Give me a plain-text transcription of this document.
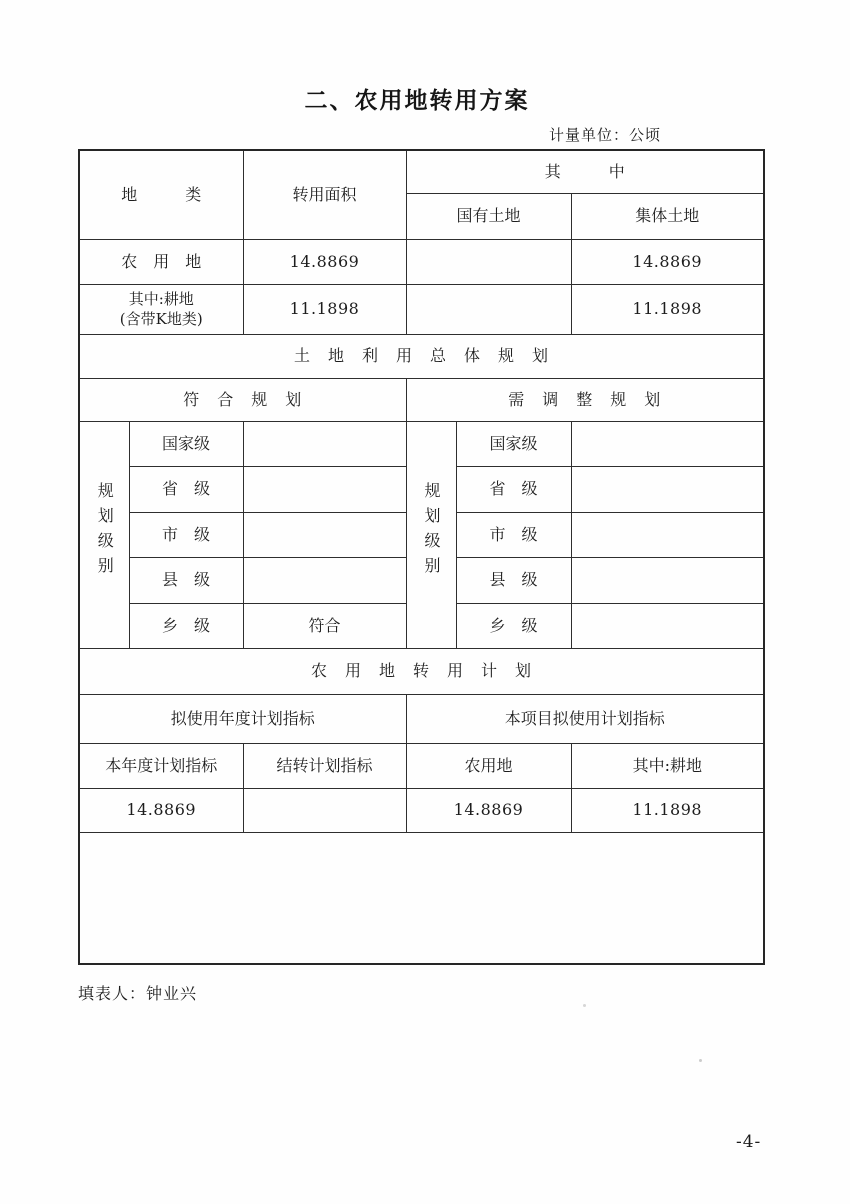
二、农用地转用方案
计量单位：公顷
地　　　类		转用面积	其　　　中		
			国有土地		集体土地
农　用　地		14.8869			14.8869

其中:耕地
(含带K地类)		11.1898			11.1898
土　地　利　用　总　体　规　划					
符　合　规　划			需　调　整　规　划		
规划级别	国家级		规划级别	国家级	
	省　级			省　级	
	市　级			市　级	
	县　级			县　级	
	乡　级	符合		乡　级	
农　用　地　转　用　计　划					
拟使用年度计划指标			本项目拟使用计划指标		
本年度计划指标		结转计划指标	农用地		其中:耕地
14.8869			14.8869		11.1898

填表人：钟业兴
-4-
